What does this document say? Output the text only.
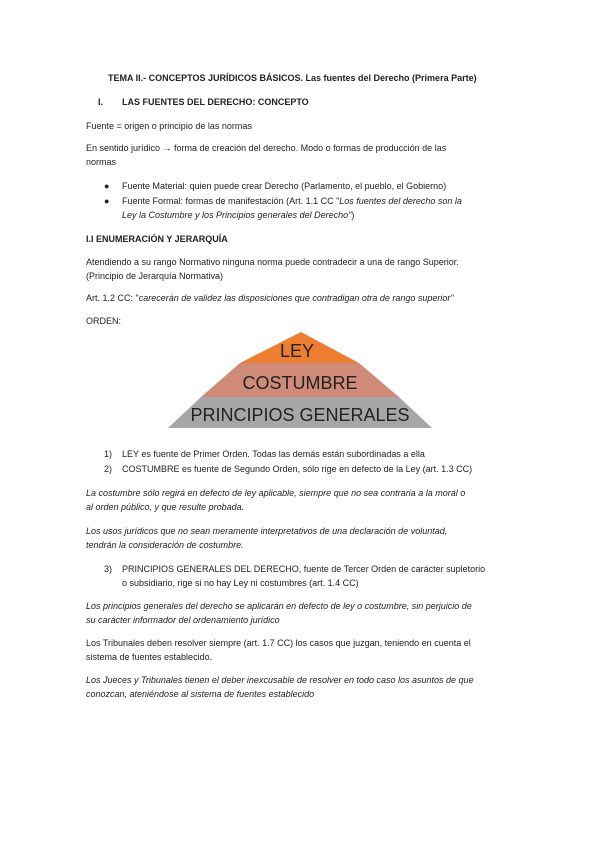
TEMA II.- CONCEPTOS JURÍDICOS BÁSICOS. Las fuentes del Derecho (Primera Parte)
I. LAS FUENTES DEL DERECHO: CONCEPTO
Fuente = origen o principio de las normas
En sentido jurídico → forma de creación del derecho. Modo o formas de producción de las
normas
● Fuente Material: quien puede crear Derecho (Parlamento, el pueblo, el Gobierno)
● Fuente Formal: formas de manifestación (Art. 1.1 CC "Los fuentes del derecho son la
Ley la Costumbre y los Principios generales del Derecho")
I.I ENUMERACIÓN Y JERARQUÍA
Atendiendo a su rango Normativo ninguna norma puede contradecir a una de rango Superior.
(Principio de Jerarquía Normativa)
Art. 1.2 CC: "carecerán de validez las disposiciones que contradigan otra de rango superior"
ORDEN:
LEY
COSTUMBRE
PRINCIPIOS GENERALES
1) LEY es fuente de Primer Orden. Todas las demás están subordinadas a ella
2) COSTUMBRE es fuente de Segundo Orden, sólo rige en defecto de la Ley (art. 1.3 CC)
La costumbre sólo regirá en defecto de ley aplicable, siempre que no sea contraria a la moral o
al orden público, y que resulte probada.
Los usos jurídicos que no sean meramente interpretativos de una declaración de voluntad,
tendrán la consideración de costumbre.
3) PRINCIPIOS GENERALES DEL DERECHO, fuente de Tercer Orden de carácter supletorio
o subsidiario, rige si no hay Ley ni costumbres (art. 1.4 CC)
Los principios generales del derecho se aplicarán en defecto de ley o costumbre, sin perjuicio de
su carácter informador del ordenamiento jurídico
Los Tribunales deben resolver siempre (art. 1.7 CC) los casos que juzgan, teniendo en cuenta el
sistema de fuentes establecido.
Los Jueces y Tribunales tienen el deber inexcusable de resolver en todo caso los asuntos de que
conozcan, ateniéndose al sistema de fuentes establecido
